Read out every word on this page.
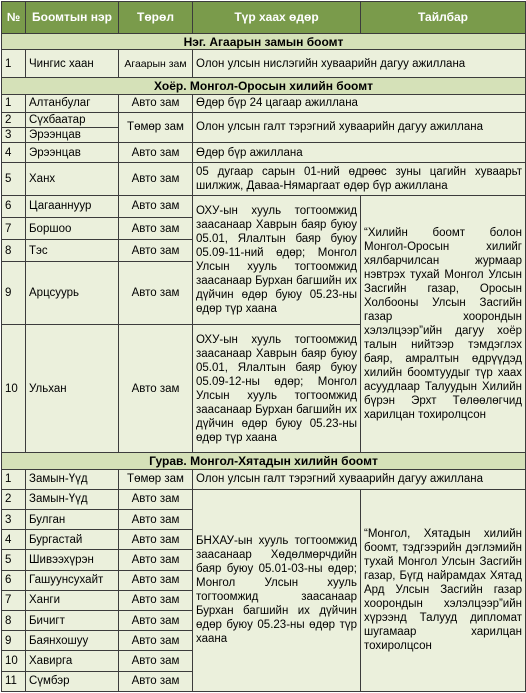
№	Боомтын нэр	Төрөл	Түр хаах өдөр	Тайлбар
Нэг. Агаарын замын боомт				
1	Чингис хаан	Агаарын зам	Олон улсын нислэгийн хуваарийн дагуу ажиллана	
Хоёр. Монгол-Оросын хилийн боомт				
1	Алтанбулаг	Авто зам	Өдөр бүр 24 цагаар ажиллана	
2	Сүхбаатар	Төмөр зам	Олон улсын галт тэрэгний хуваарийн дагуу ажиллана	
3	Эрээнцав			
4	Эрээнцав	Авто зам	Өдөр бүр ажиллана	
5	Ханх	Авто зам	05 дугаар сарын 01-ний өдрөөс зуны цагийн хуваарьт шилжиж, Даваа-Нямаргаат өдөр бүр ажиллана	
6	Цагааннуур	Авто зам	ОХУ-ын хууль тогтоомжид заасанаар Хаврын баяр буюу 05.01, Ялалтын баяр буюу 05.09-11-ний өдөр; Монгол Улсын хууль тогтоомжид заасанаар Бурхан багшийн их дүйчин өдөр буюу 05.23-ны өдөр түр хаана	“Хилийн боомт болон Монгол-Оросын хилийг хялбарчилсан журмаар нэвтрэх тухай Монгол Улсын Засгийн газар, Оросын Холбооны Улсын Засгийн газар хоорондын хэлэлцээр”ийн дагуу хоёр талын нийтээр тэмдэглэх баяр, амралтын өдрүүдэд хилийн боомтуудыг түр хаах асуудлаар Талуудын Хилийн бүрэн Эрхт Төлөөлөгчид харилцан тохиролцсон
7	Боршоо	Авто зам		
8	Тэс	Авто зам		
9	Арцсуурь	Авто зам		
10	Ульхан	Авто зам	ОХУ-ын хууль тогтоомжид заасанаар Хаврын баяр буюу 05.01, Ялалтын баяр буюу 05.09-12-ны өдөр; Монгол Улсын хууль тогтоомжид заасанаар Бурхан багшийн их дүйчин өдөр буюу 05.23-ны өдөр түр хаана	
Гурав. Монгол-Хятадын хилийн боомт				
1	Замын-Үүд	Төмөр зам	Олон улсын галт тэрэгний хуваарийн дагуу ажиллана	
2	Замын-Үүд	Авто зам	БНХАУ-ын хууль тогтоомжид заасанаар Хөдөлмөрчдийн баяр буюу 05.01-03-ны өдөр; Монгол Улсын хууль тогтоомжид заасанаар Бурхан багшийн их дүйчин өдөр буюу 05.23-ны өдөр түр хаана	“Монгол, Хятадын хилийн боомт, тэдгээрийн дэглэмийн тухай Монгол Улсын Засгийн газар, Бүгд найрамдах Хятад Ард Улсын Засгийн газар хоорондын хэлэлцээр”ийн хүрээнд Талууд дипломат шугамаар харилцан тохиролцсон
3	Булган	Авто зам		
4	Бургастай	Авто зам		
5	Шивээхүрэн	Авто зам		
6	Гашуунсухайт	Авто зам		
7	Ханги	Авто зам		
8	Бичигт	Авто зам		
9	Баянхошуу	Авто зам		
10	Хавирга	Авто зам		
11	Сүмбэр	Авто зам		
